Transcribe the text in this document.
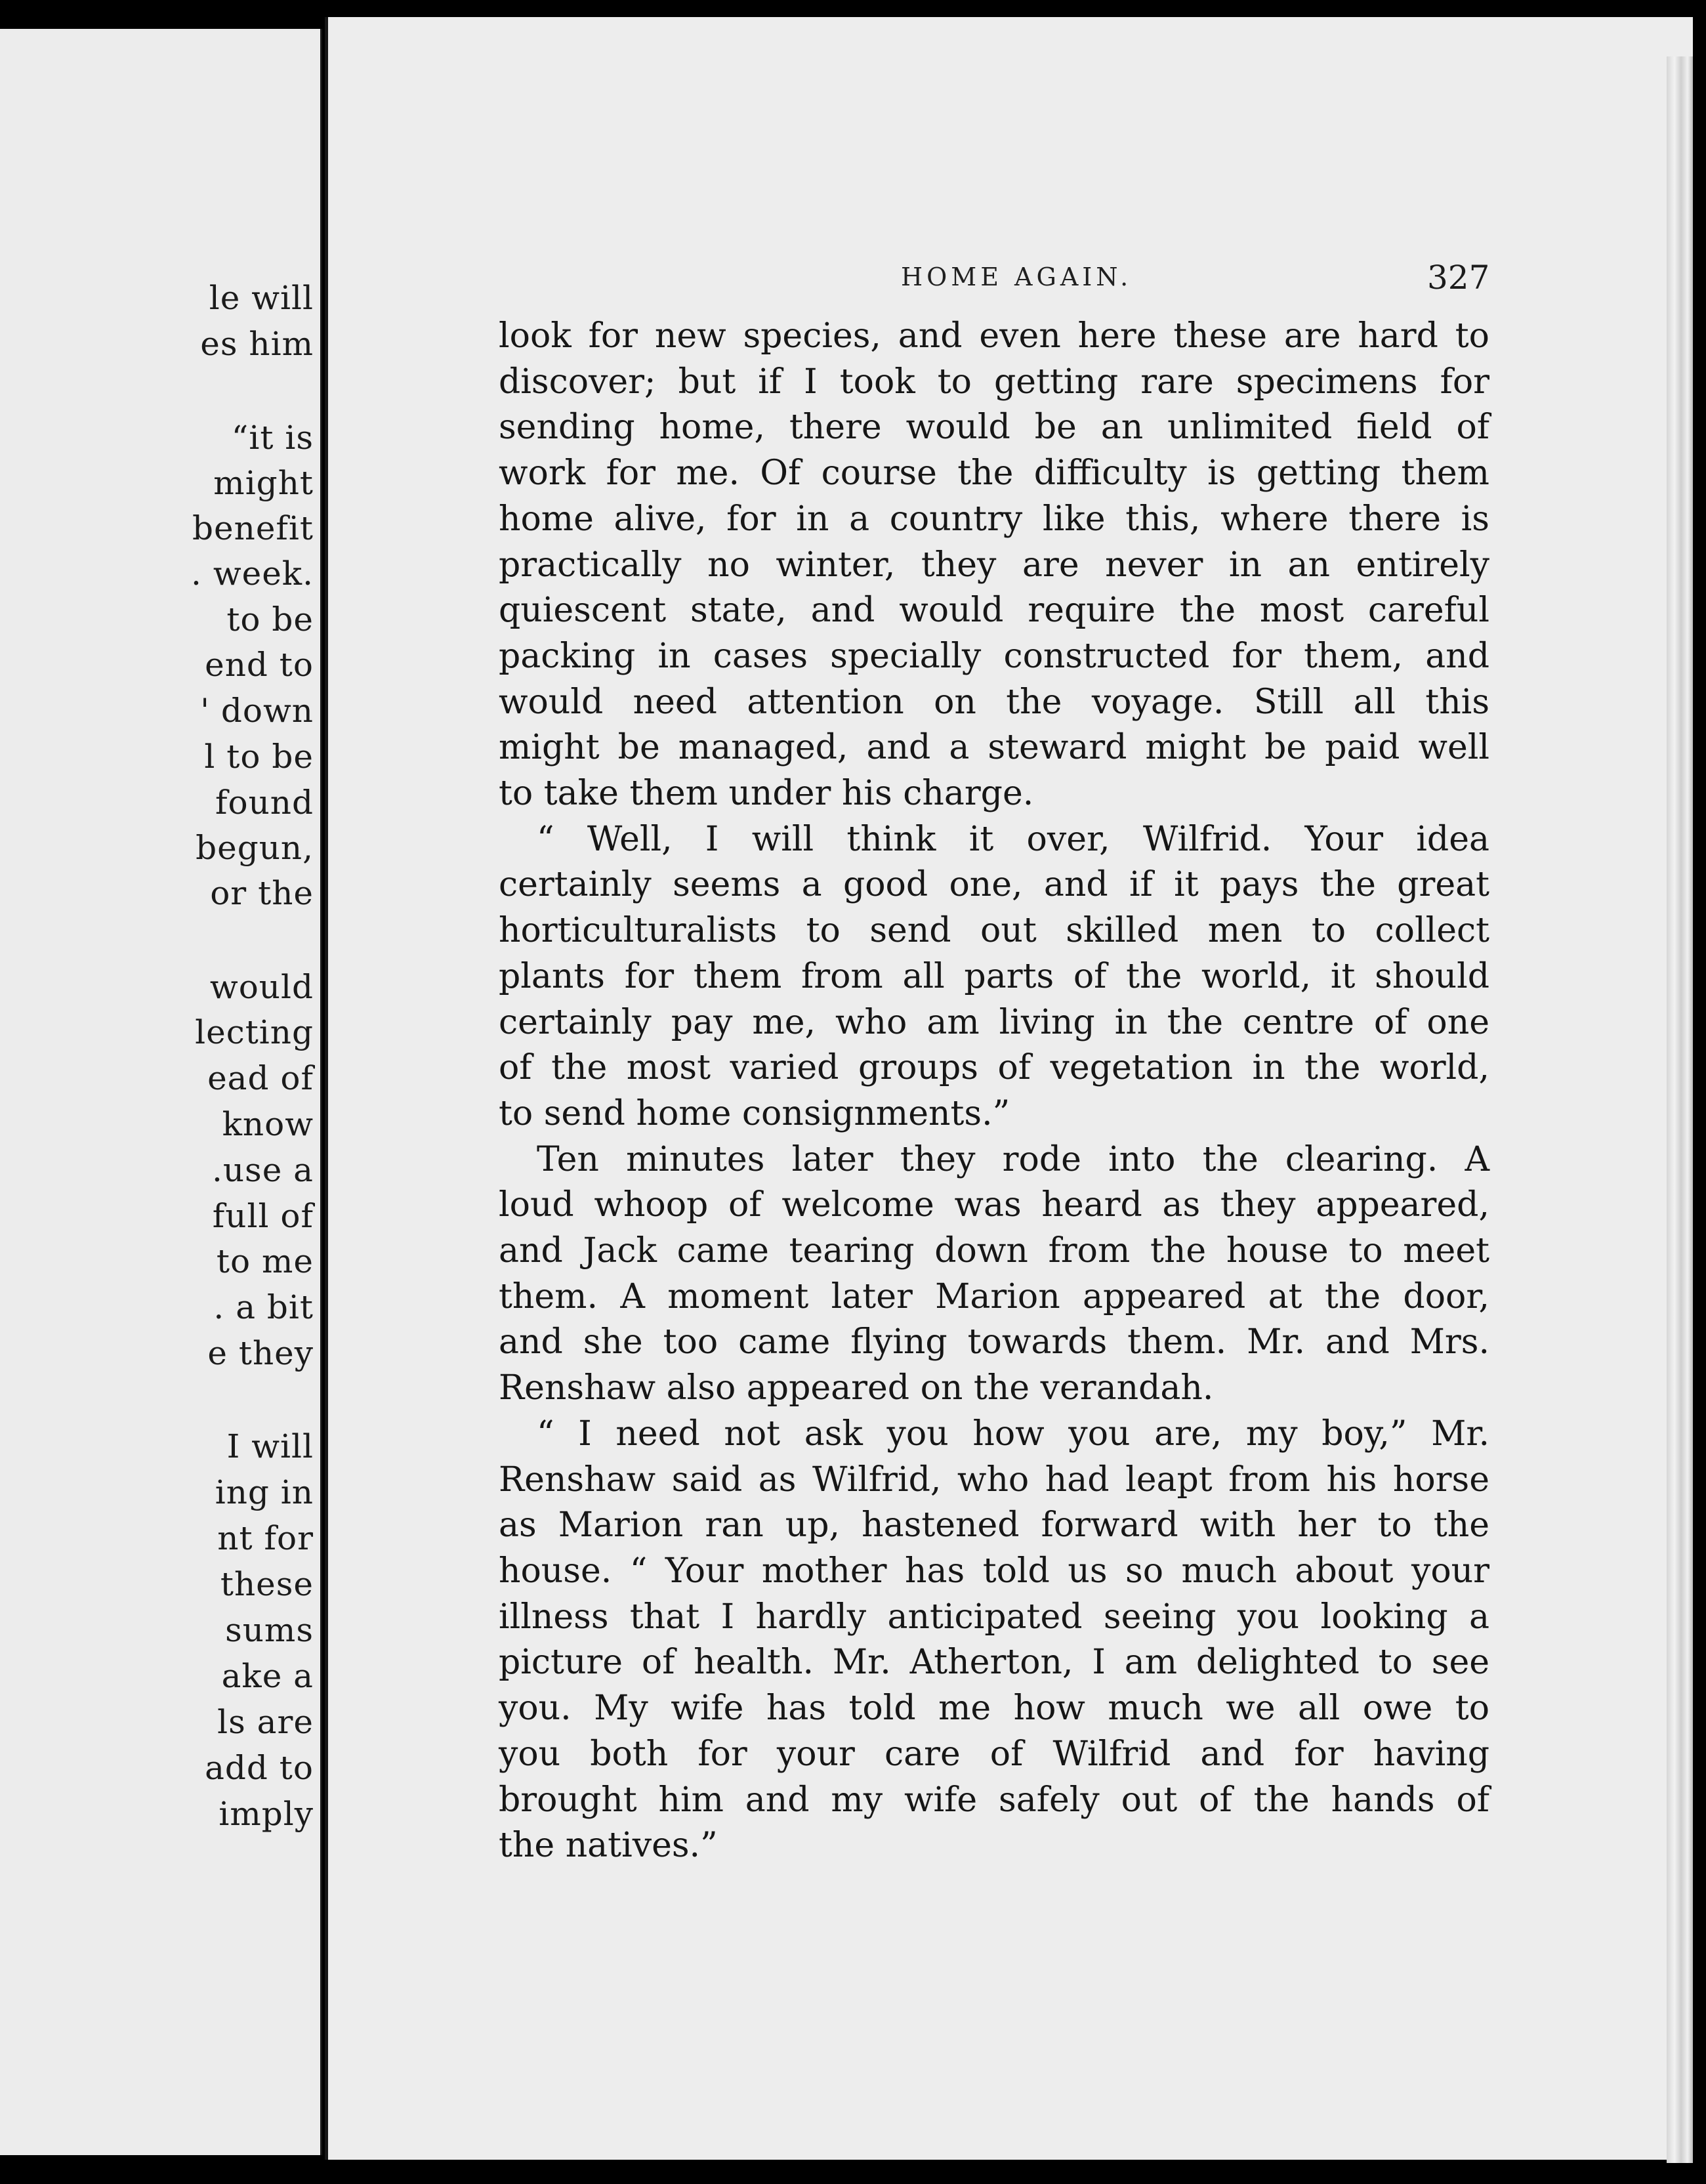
le will
es him
“it is
might
benefit
. week.
to be
end to
' down
l to be
found
begun,
or the
would
lecting
ead of
know
.use a
full of
to me
. a bit
e they
I will
ing in
nt for
these
sums
ake a
ls are
add to
imply
HOME AGAIN.	327
look for new species, and even here these are hard to
discover; but if I took to getting rare specimens for
sending home, there would be an unlimited field of
work for me. Of course the difficulty is getting them
home alive, for in a country like this, where there is
practically no winter, they are never in an entirely
quiescent state, and would require the most careful
packing in cases specially constructed for them, and
would need attention on the voyage. Still all this
might be managed, and a steward might be paid well
to take them under his charge.
“ Well, I will think it over, Wilfrid. Your idea
certainly seems a good one, and if it pays the great
horticulturalists to send out skilled men to collect
plants for them from all parts of the world, it should
certainly pay me, who am living in the centre of one
of the most varied groups of vegetation in the world,
to send home consignments.”
Ten minutes later they rode into the clearing. A
loud whoop of welcome was heard as they appeared,
and Jack came tearing down from the house to meet
them. A moment later Marion appeared at the door,
and she too came flying towards them. Mr. and Mrs.
Renshaw also appeared on the verandah.
“ I need not ask you how you are, my boy,” Mr.
Renshaw said as Wilfrid, who had leapt from his horse
as Marion ran up, hastened forward with her to the
house. “ Your mother has told us so much about your
illness that I hardly anticipated seeing you looking a
picture of health. Mr. Atherton, I am delighted to see
you. My wife has told me how much we all owe to
you both for your care of Wilfrid and for having
brought him and my wife safely out of the hands of
the natives.”
